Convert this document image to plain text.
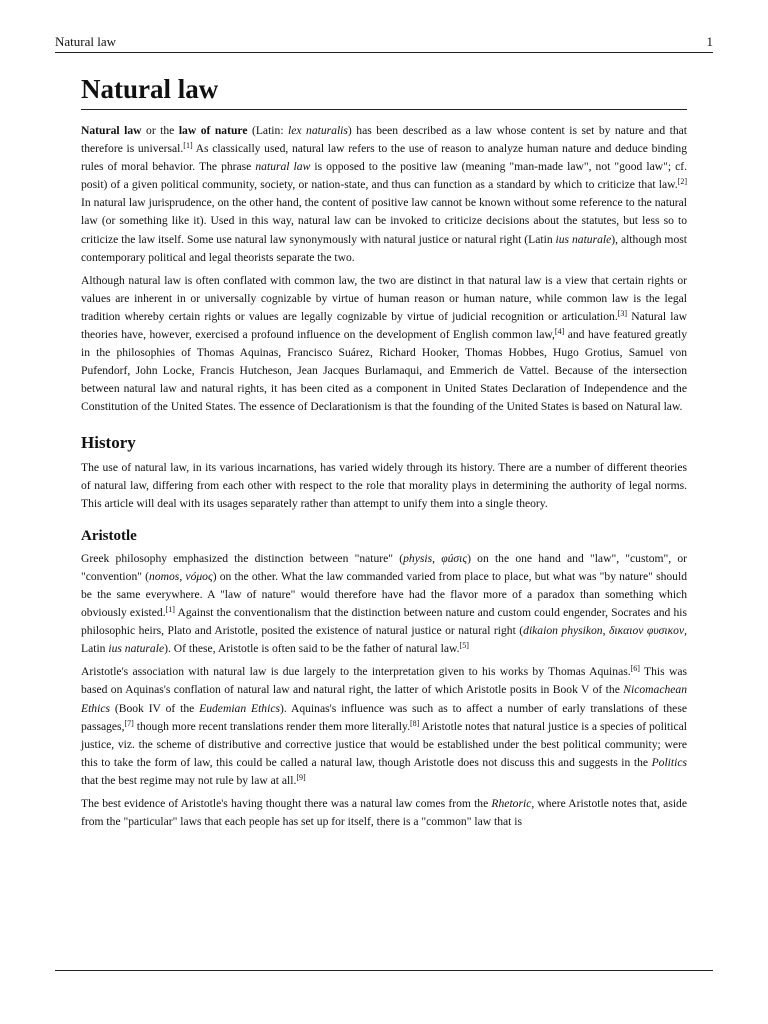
Natural law	1
Natural law

Natural law or the law of nature (Latin: lex naturalis) has been described as a law whose content is set by nature and that therefore is universal.[1] As classically used, natural law refers to the use of reason to analyze human nature and deduce binding rules of moral behavior. The phrase natural law is opposed to the positive law (meaning "man-made law", not "good law"; cf. posit) of a given political community, society, or nation-state, and thus can function as a standard by which to criticize that law.[2] In natural law jurisprudence, on the other hand, the content of positive law cannot be known without some reference to the natural law (or something like it). Used in this way, natural law can be invoked to criticize decisions about the statutes, but less so to criticize the law itself. Some use natural law synonymously with natural justice or natural right (Latin ius naturale), although most contemporary political and legal theorists separate the two.

Although natural law is often conflated with common law, the two are distinct in that natural law is a view that certain rights or values are inherent in or universally cognizable by virtue of human reason or human nature, while common law is the legal tradition whereby certain rights or values are legally cognizable by virtue of judicial recognition or articulation.[3] Natural law theories have, however, exercised a profound influence on the development of English common law,[4] and have featured greatly in the philosophies of Thomas Aquinas, Francisco Suárez, Richard Hooker, Thomas Hobbes, Hugo Grotius, Samuel von Pufendorf, John Locke, Francis Hutcheson, Jean Jacques Burlamaqui, and Emmerich de Vattel. Because of the intersection between natural law and natural rights, it has been cited as a component in United States Declaration of Independence and the Constitution of the United States. The essence of Declarationism is that the founding of the United States is based on Natural law.

History

The use of natural law, in its various incarnations, has varied widely through its history. There are a number of different theories of natural law, differing from each other with respect to the role that morality plays in determining the authority of legal norms. This article will deal with its usages separately rather than attempt to unify them into a single theory.

Aristotle

Greek philosophy emphasized the distinction between "nature" (physis, φúσις) on the one hand and "law", "custom", or "convention" (nomos, νóμος) on the other. What the law commanded varied from place to place, but what was "by nature" should be the same everywhere. A "law of nature" would therefore have had the flavor more of a paradox than something which obviously existed.[1] Against the conventionalism that the distinction between nature and custom could engender, Socrates and his philosophic heirs, Plato and Aristotle, posited the existence of natural justice or natural right (dikaion physikon, δικαιον φυσικον, Latin ius naturale). Of these, Aristotle is often said to be the father of natural law.[5]

Aristotle's association with natural law is due largely to the interpretation given to his works by Thomas Aquinas.[6] This was based on Aquinas's conflation of natural law and natural right, the latter of which Aristotle posits in Book V of the Nicomachean Ethics (Book IV of the Eudemian Ethics). Aquinas's influence was such as to affect a number of early translations of these passages,[7] though more recent translations render them more literally.[8] Aristotle notes that natural justice is a species of political justice, viz. the scheme of distributive and corrective justice that would be established under the best political community; were this to take the form of law, this could be called a natural law, though Aristotle does not discuss this and suggests in the Politics that the best regime may not rule by law at all.[9]

The best evidence of Aristotle's having thought there was a natural law comes from the Rhetoric, where Aristotle notes that, aside from the "particular" laws that each people has set up for itself, there is a "common" law that is
